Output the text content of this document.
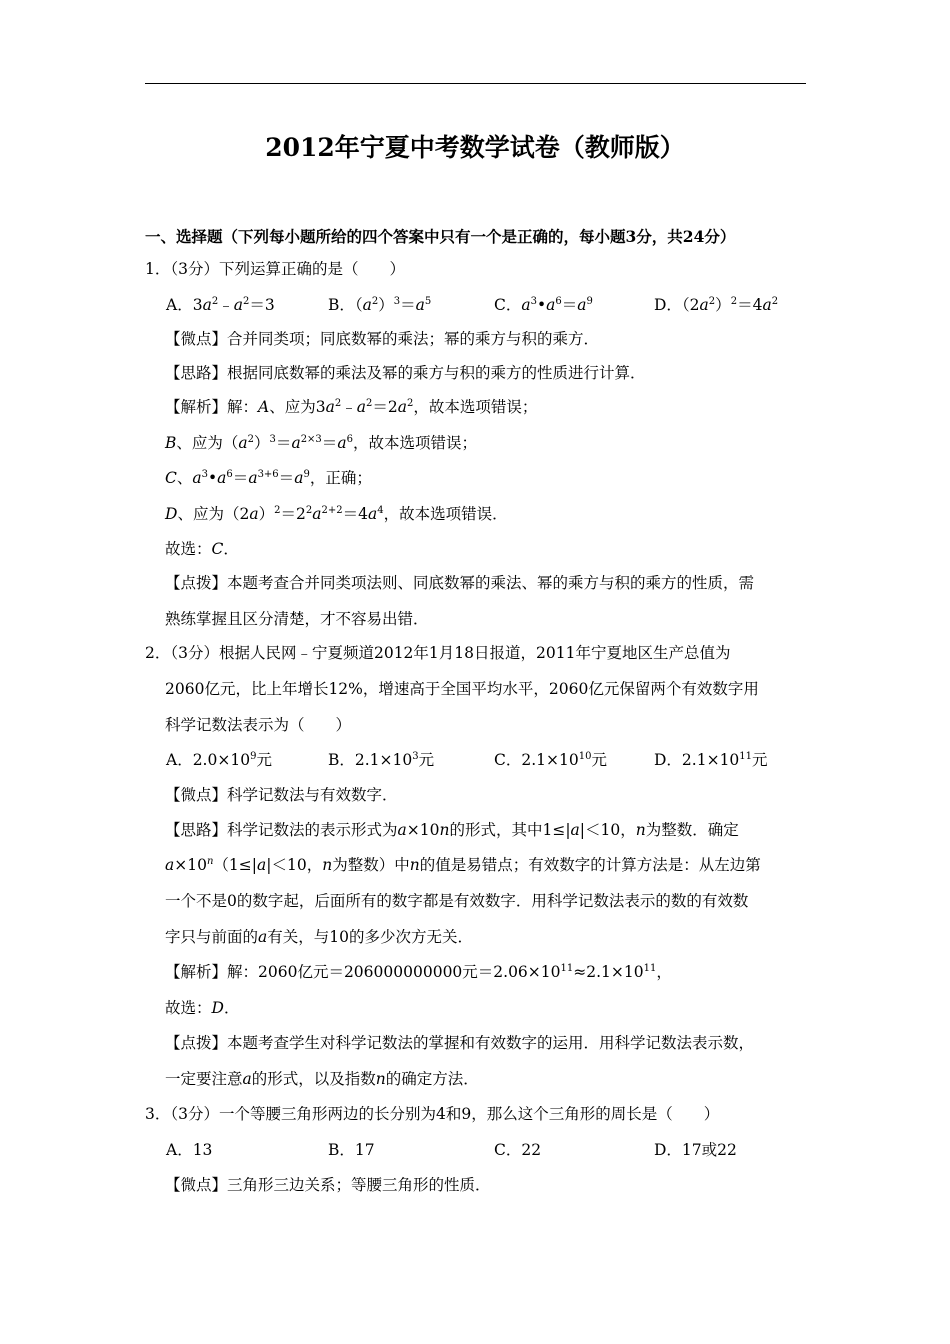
2012年宁夏中考数学试卷（教师版）
一、选择题（下列每小题所给的四个答案中只有一个是正确的，每小题3分，共24分）
1．（3分）下列运算正确的是（　　）
A．$3a^2﹣a^2=3$	B．$(a^2)^3=a^5$	C．$a^3•a^6=a^9$	D．$(2a^2)^2=4a^2$
【微点】合并同类项；同底数幂的乘法；幂的乘方与积的乘方．
【思路】根据同底数幂的乘法及幂的乘方与积的乘方的性质进行计算．
【解析】解：A、应为$3a^2﹣a^2=2a^2$，故本选项错误；
B、应为$(a^2)^3=a^{2\times 3}=a^6$，故本选项错误；
C、$a^3•a^6=a^{3+6}=a^9$，正确；
D、应为$(2a)^2=2^2a^{2+2}=4a^4$，故本选项错误．
故选：C．
【点拨】本题考查合并同类项法则、同底数幂的乘法、幂的乘方与积的乘方的性质，需
熟练掌握且区分清楚，才不容易出错．
2．（3分）根据人民网﹣宁夏频道2012年1月18日报道，2011年宁夏地区生产总值为
2060亿元，比上年增长12%，增速高于全国平均水平，2060亿元保留两个有效数字用
科学记数法表示为（　　）
A．$2.0\times 10^9$元	B．$2.1\times 10^3$元	C．$2.1\times 10^{10}$元	D．$2.1\times 10^{11}$元
【微点】科学记数法与有效数字．
【思路】科学记数法的表示形式为a×10n的形式，其中1≤|a|＜10，n为整数．确定
$a\times 10^n(1\le|a|<10$，n为整数）中n的值是易错点；有效数字的计算方法是：从左边第
一个不是0的数字起，后面所有的数字都是有效数字．用科学记数法表示的数的有效数
字只与前面的a有关，与10的多少次方无关．
【解析】解：2060亿元＝206000000000元$=2.06\times 10^{11}\approx 2.1\times 10^{11}$，
故选：D．
【点拨】本题考查学生对科学记数法的掌握和有效数字的运用．用科学记数法表示数，
一定要注意a的形式，以及指数n的确定方法．
3．（3分）一个等腰三角形两边的长分别为4和9，那么这个三角形的周长是（　　）
A．13	B．17	C．22	D．17或22
【微点】三角形三边关系；等腰三角形的性质．
